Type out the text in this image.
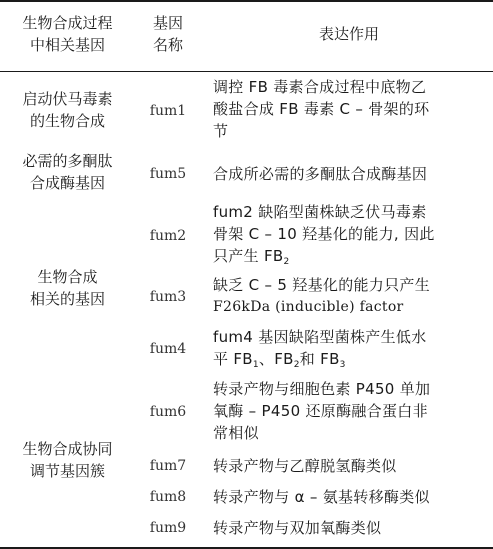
生物合成过程
中相关基因
基因
名称
表达作用
启动伏马毒素
的生物合成
必需的多酮肽
合成酶基因
生物合成
相关的基因
生物合成协同
调节基因簇
fum1
fum5
fum2
fum3
fum4
fum6
fum7
fum8
fum9
调控 FB 毒素合成过程中底物乙
酸盐合成 FB 毒素 C – 骨架的环
节
合成所必需的多酮肽合成酶基因
fum2 缺陷型菌株缺乏伏马毒素
骨架 C – 10 羟基化的能力, 因此
只产生 $FB_2$
缺乏 C – 5 羟基化的能力只产生
F26kDa (inducible) factor
fum4 基因缺陷型菌株产生低水
平 $FB_1$、$FB_2$和 $FB_3$
转录产物与细胞色素 P450 单加
氧酶 – P450 还原酶融合蛋白非
常相似
转录产物与乙醇脱氢酶类似
转录产物与 α – 氨基转移酶类似
转录产物与双加氧酶类似
